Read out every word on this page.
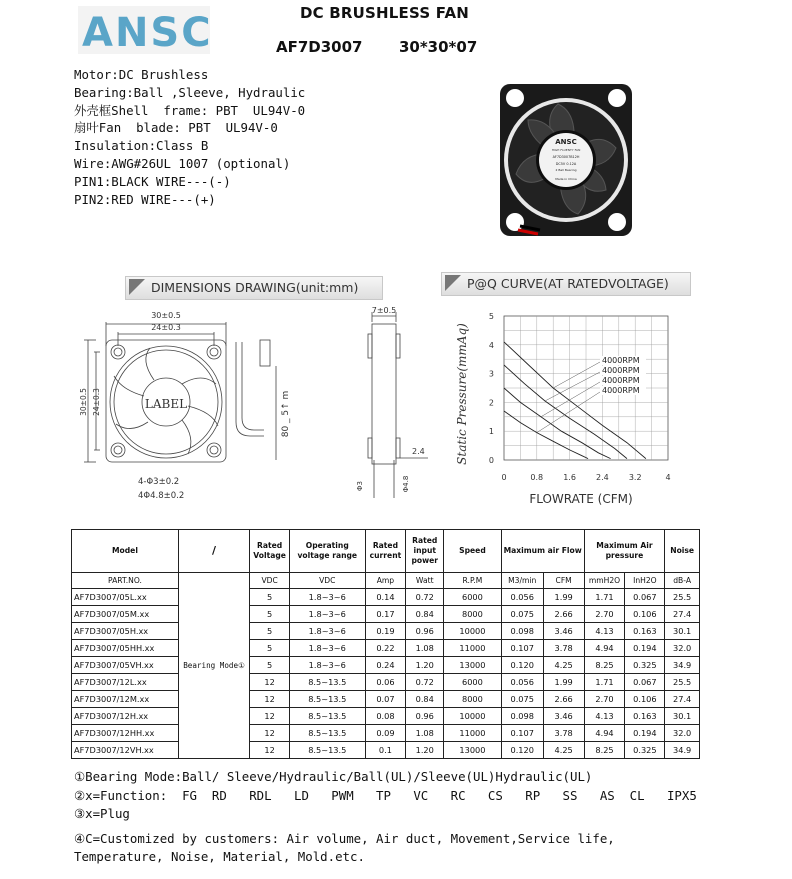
ANSC	DC BRUSHLESS FAN
AF7D3007 30*30*07
Motor:DC Brushless
Bearing:Ball ,Sleeve, Hydraulic
外壳框Shell  frame: PBT  UL94V-0
扇叶Fan  blade: PBT  UL94V-0
Insulation:Class B
Wire:AWG#26UL 1007 (optional)
PIN1:BLACK WIRE---(-)
PIN2:RED WIRE---(+)
ANSC
HIGH FLUENTY FAN
AF7D3007B12H
DC5V 0.12A
2 Ball Bearing
Made in China
DIMENSIONS DRAWING(unit:mm)
30±0.5
24±0.3
LABEL
30±0.5 24±0.3	80 _ 5↑ m
4-Φ3±0.2
4Φ4.8±0.2
7±0.5
2.4
Φ3	Φ4.8
P@Q CURVE(AT RATEDVOLTAGE)
4000RPM
4000RPM
4000RPM
4000RPM
5
4
3
2
1
0
0	0.8	1.6	2.4	3.2	4
Static Pressure(mmAq)
FLOWRATE (CFM)
Model	/	Rated Voltage	Operating voltage range	Rated current	Rated input power	Speed	Maximum air Flow		Maximum Air pressure		Noise
PART.NO.	Bearing Mode①	VDC	VDC	Amp	Watt	R.P.M	M3/min	CFM	mmH2O	InH2O	dB-A
AF7D3007/05L.xx		5	1.8~3~6	0.14	0.72	6000	0.056	1.99	1.71	0.067	25.5
AF7D3007/05M.xx		5	1.8~3~6	0.17	0.84	8000	0.075	2.66	2.70	0.106	27.4
AF7D3007/05H.xx		5	1.8~3~6	0.19	0.96	10000	0.098	3.46	4.13	0.163	30.1
AF7D3007/05HH.xx		5	1.8~3~6	0.22	1.08	11000	0.107	3.78	4.94	0.194	32.0
AF7D3007/05VH.xx		5	1.8~3~6	0.24	1.20	13000	0.120	4.25	8.25	0.325	34.9
AF7D3007/12L.xx		12	8.5~13.5	0.06	0.72	6000	0.056	1.99	1.71	0.067	25.5
AF7D3007/12M.xx		12	8.5~13.5	0.07	0.84	8000	0.075	2.66	2.70	0.106	27.4
AF7D3007/12H.xx		12	8.5~13.5	0.08	0.96	10000	0.098	3.46	4.13	0.163	30.1
AF7D3007/12HH.xx		12	8.5~13.5	0.09	1.08	11000	0.107	3.78	4.94	0.194	32.0
AF7D3007/12VH.xx		12	8.5~13.5	0.1	1.20	13000	0.120	4.25	8.25	0.325	34.9
①Bearing Mode:Ball/ Sleeve/Hydraulic/Ball(UL)/Sleeve(UL)Hydraulic(UL)
②x=Function:  FG  RD   RDL   LD   PWM   TP   VC   RC   CS   RP   SS   AS  CL   IPX5
③x=Plug
④C=Customized by customers: Air volume, Air duct, Movement,Service life,
Temperature, Noise, Material, Mold.etc.
